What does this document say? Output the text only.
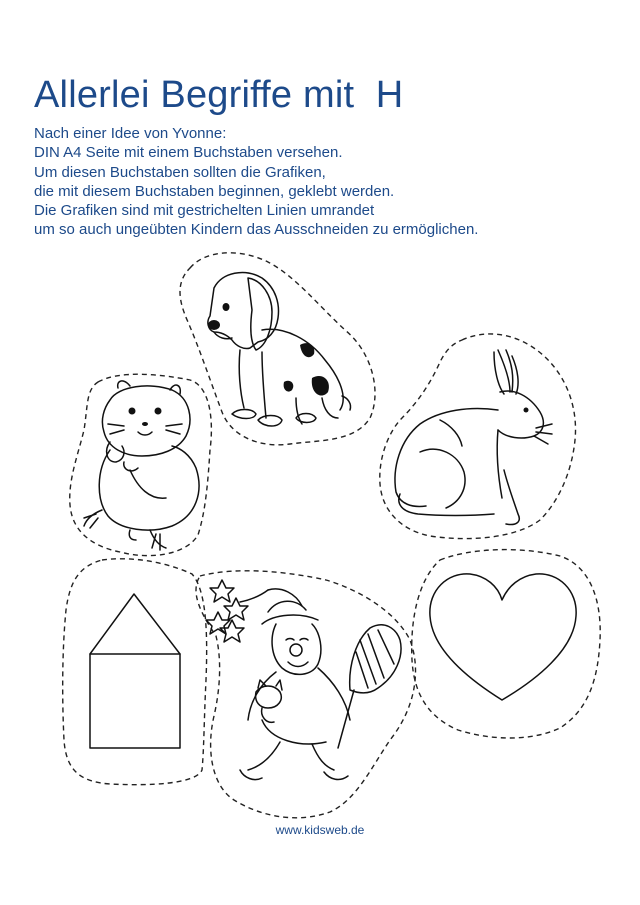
Allerlei Begriffe mit  H
Nach einer Idee von Yvonne:
DIN A4 Seite mit einem Buchstaben versehen.
Um diesen Buchstaben sollten die Grafiken,
die mit diesem Buchstaben beginnen, geklebt werden.
Die Grafiken sind mit gestrichelten Linien umrandet
um so auch ungeübten Kindern das Ausschneiden zu ermöglichen.
www.kidsweb.de
